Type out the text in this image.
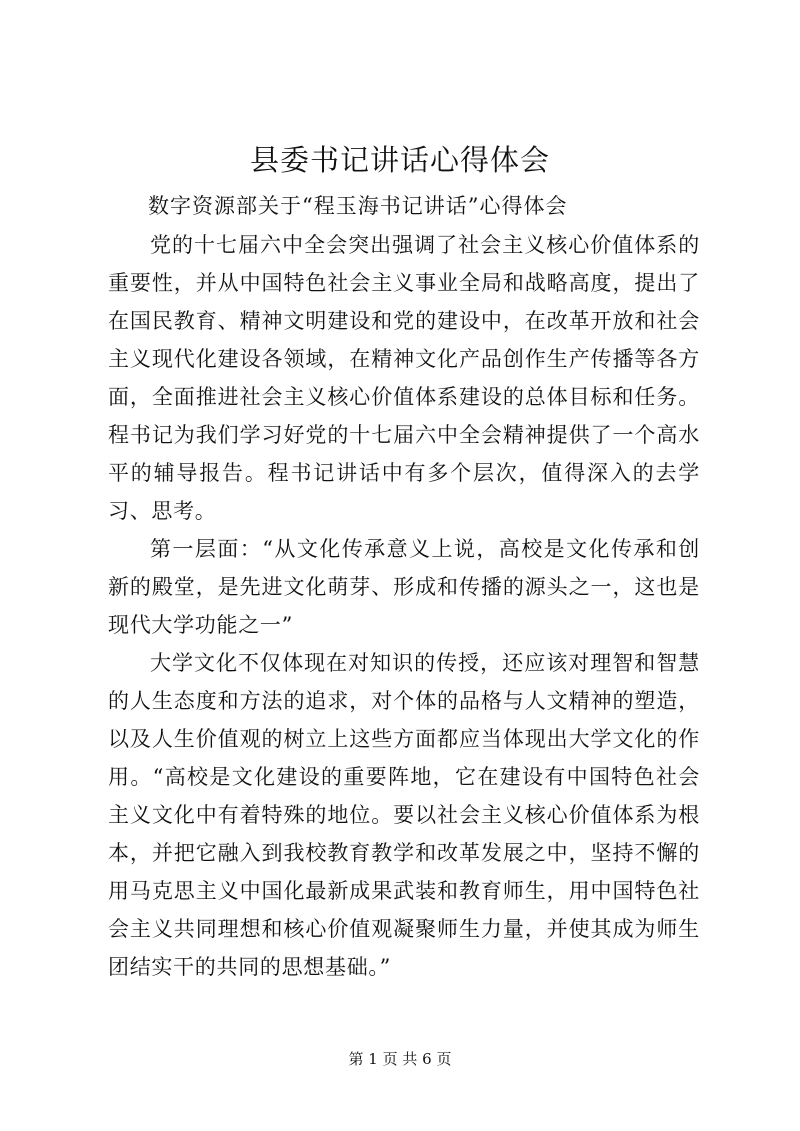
县委书记讲话心得体会
数字资源部关于“程玉海书记讲话”心得体会

党的十七届六中全会突出强调了社会主义核心价值体系的重要性，并从中国特色社会主义事业全局和战略高度，提出了在国民教育、精神文明建设和党的建设中，在改革开放和社会主义现代化建设各领域，在精神文化产品创作生产传播等各方面，全面推进社会主义核心价值体系建设的总体目标和任务。程书记为我们学习好党的十七届六中全会精神提供了一个高水平的辅导报告。程书记讲话中有多个层次，值得深入的去学习、思考。

第一层面：“从文化传承意义上说，高校是文化传承和创新的殿堂，是先进文化萌芽、形成和传播的源头之一，这也是现代大学功能之一”

大学文化不仅体现在对知识的传授，还应该对理智和智慧的人生态度和方法的追求，对个体的品格与人文精神的塑造，以及人生价值观的树立上这些方面都应当体现出大学文化的作用。“高校是文化建设的重要阵地，它在建设有中国特色社会主义文化中有着特殊的地位。要以社会主义核心价值体系为根本，并把它融入到我校教育教学和改革发展之中，坚持不懈的用马克思主义中国化最新成果武装和教育师生，用中国特色社会主义共同理想和核心价值观凝聚师生力量，并使其成为师生团结实干的共同的思想基础。”

第 1 页 共 6 页
